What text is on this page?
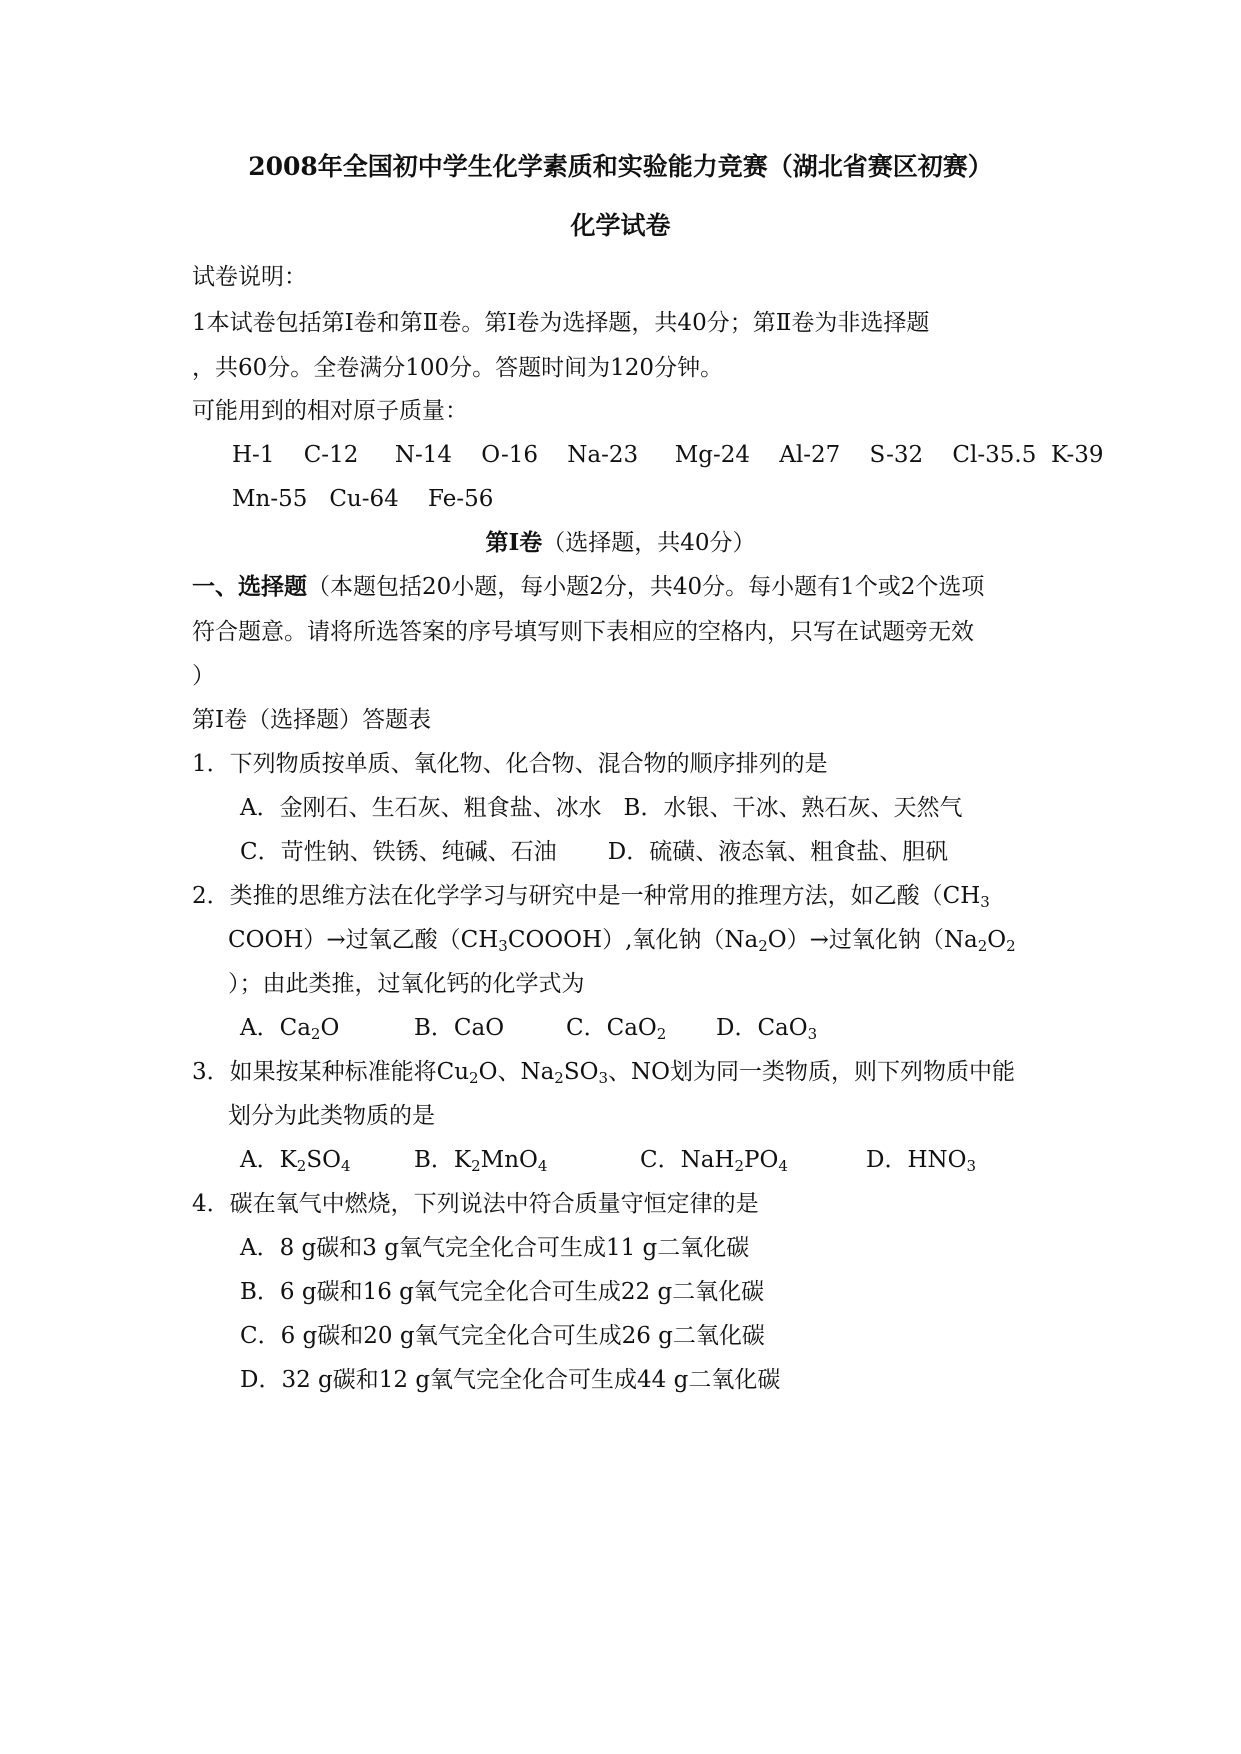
2008年全国初中学生化学素质和实验能力竞赛（湖北省赛区初赛）
化学试卷
试卷说明：
1本试卷包括第Ⅰ卷和第Ⅱ卷。第Ⅰ卷为选择题，共40分；第Ⅱ卷为非选择题
，共60分。全卷满分100分。答题时间为120分钟。
可能用到的相对原子质量：
H-1    C-12     N-14    O-16    Na-23     Mg-24    Al-27    S-32    Cl-35.5  K-39
Mn-55   Cu-64    Fe-56
第Ⅰ卷（选择题，共40分）
一、选择题（本题包括20小题，每小题2分，共40分。每小题有1个或2个选项
符合题意。请将所选答案的序号填写则下表相应的空格内，只写在试题旁无效
）
第Ⅰ卷（选择题）答题表
1．下列物质按单质、氧化物、化合物、混合物的顺序排列的是
A．金刚石、生石灰、粗食盐、冰水   B．水银、干冰、熟石灰、天然气
C．苛性钠、铁锈、纯碱、石油       D．硫磺、液态氧、粗食盐、胆矾
2．类推的思维方法在化学学习与研究中是一种常用的推理方法，如乙酸（$CH_3$
COOH）→过氧乙酸$(CH_3COOOH)$,氧化钠$(Na_2O)\to$过氧化钠（$Na_2O_2$
）；由此类推，过氧化钙的化学式为
A．$Ca_2O$	B．CaO	C．CaO$_2$ D．CaO$_3$
3．如果按某种标准能将$Cu_2O$、$Na_2SO_3$、NO划为同一类物质，则下列物质中能
划分为此类物质的是
A．$K_2SO_4$	B．$K_2MnO_4$	C．$NaH_2PO_4$	D．$HNO_3$
4．碳在氧气中燃烧，下列说法中符合质量守恒定律的是
A．8 g碳和3 g氧气完全化合可生成11 g二氧化碳
B．6 g碳和16 g氧气完全化合可生成22 g二氧化碳
C．6 g碳和20 g氧气完全化合可生成26 g二氧化碳
D．32 g碳和12 g氧气完全化合可生成44 g二氧化碳
